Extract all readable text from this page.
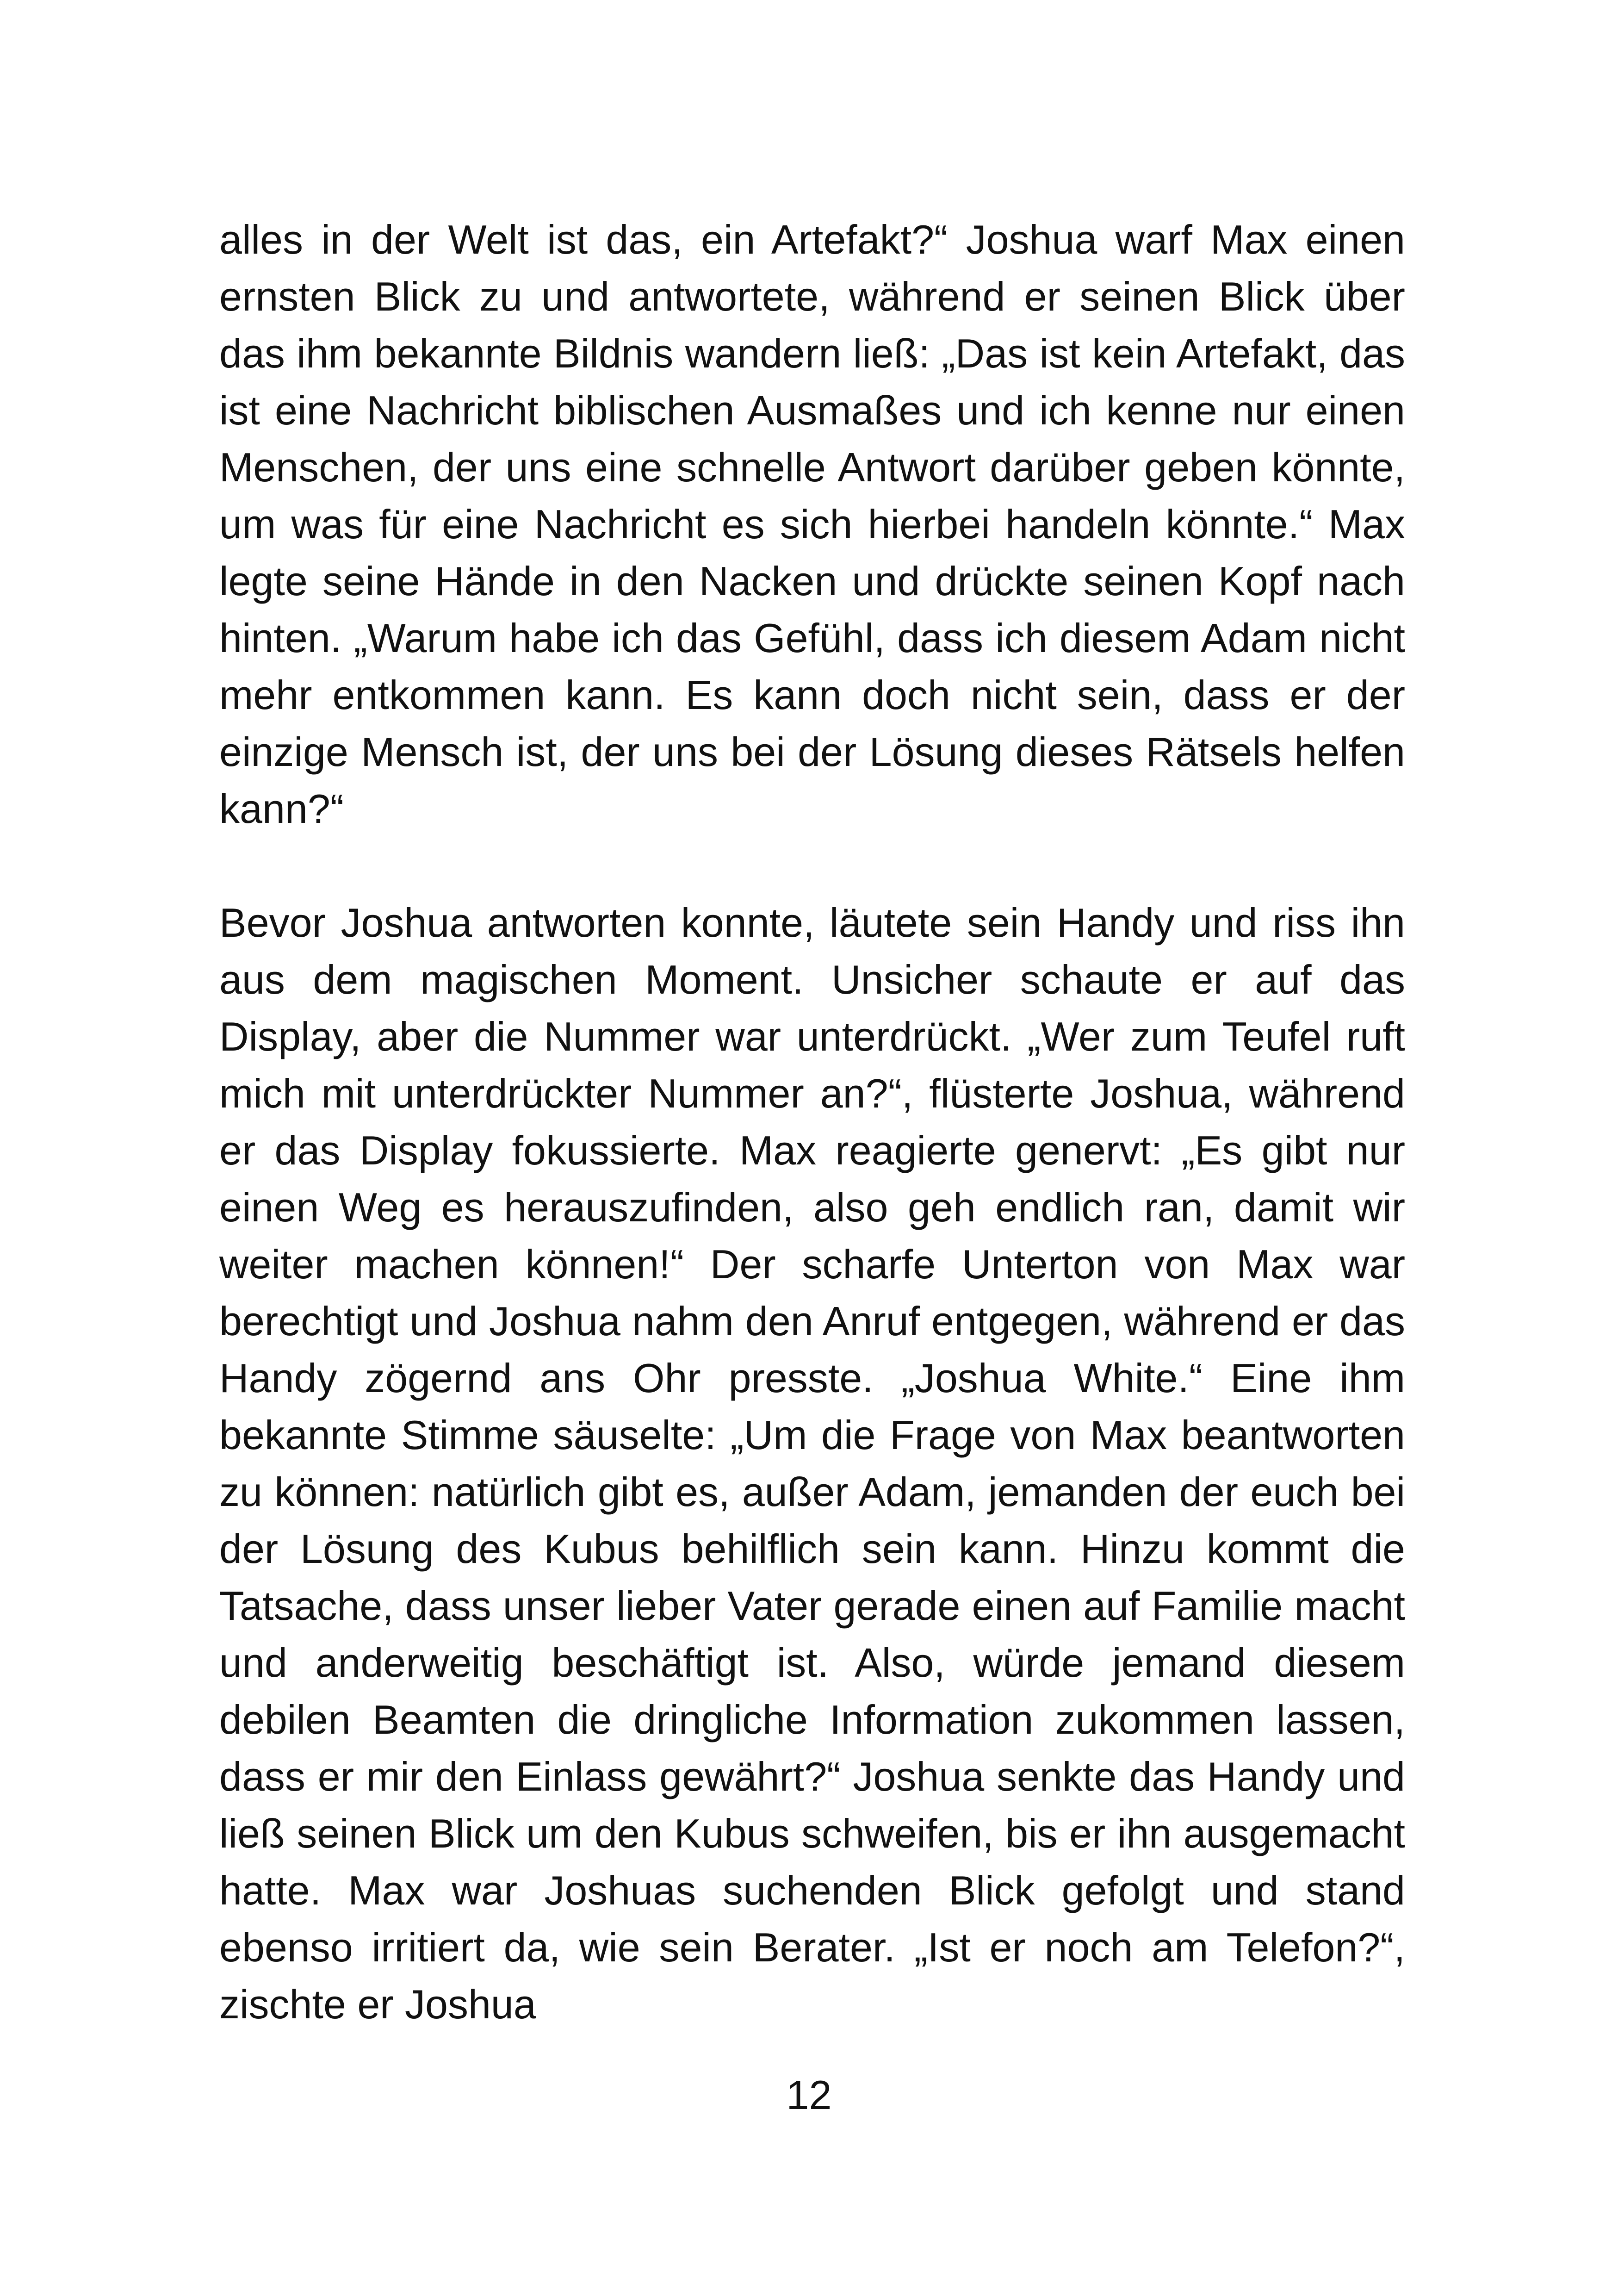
alles in der Welt ist das, ein Artefakt?“ Joshua warf Max einen ernsten Blick zu und antwortete, während er seinen Blick über das ihm bekannte Bildnis wandern ließ: „Das ist kein Artefakt, das ist eine Nachricht biblischen Ausmaßes und ich kenne nur einen Menschen, der uns eine schnelle Antwort darüber geben könnte, um was für eine Nachricht es sich hierbei handeln könnte.“ Max legte seine Hände in den Nacken und drückte seinen Kopf nach hinten. „Warum habe ich das Gefühl, dass ich diesem Adam nicht mehr entkommen kann. Es kann doch nicht sein, dass er der einzige Mensch ist, der uns bei der Lösung dieses Rätsels helfen kann?“

Bevor Joshua antworten konnte, läutete sein Handy und riss ihn aus dem magischen Moment. Unsicher schaute er auf das Display, aber die Nummer war unterdrückt. „Wer zum Teufel ruft mich mit unterdrückter Nummer an?“, flüsterte Joshua, während er das Display fokussierte. Max reagierte genervt: „Es gibt nur einen Weg es herauszufinden, also geh endlich ran, damit wir weiter machen können!“ Der scharfe Unterton von Max war berechtigt und Joshua nahm den Anruf entgegen, während er das Handy zögernd ans Ohr presste. „Joshua White.“ Eine ihm bekannte Stimme säuselte: „Um die Frage von Max beantworten zu können: natürlich gibt es, außer Adam, jemanden der euch bei der Lösung des Kubus behilflich sein kann. Hinzu kommt die Tatsache, dass unser lieber Vater gerade einen auf Familie macht und anderweitig beschäftigt ist. Also, würde jemand diesem debilen Beamten die dringliche Information zukommen lassen, dass er mir den Einlass gewährt?“ Joshua senkte das Handy und ließ seinen Blick um den Kubus schweifen, bis er ihn ausgemacht hatte. Max war Joshuas suchenden Blick gefolgt und stand ebenso irritiert da, wie sein Berater. „Ist er noch am Telefon?“, zischte er Joshua

12
